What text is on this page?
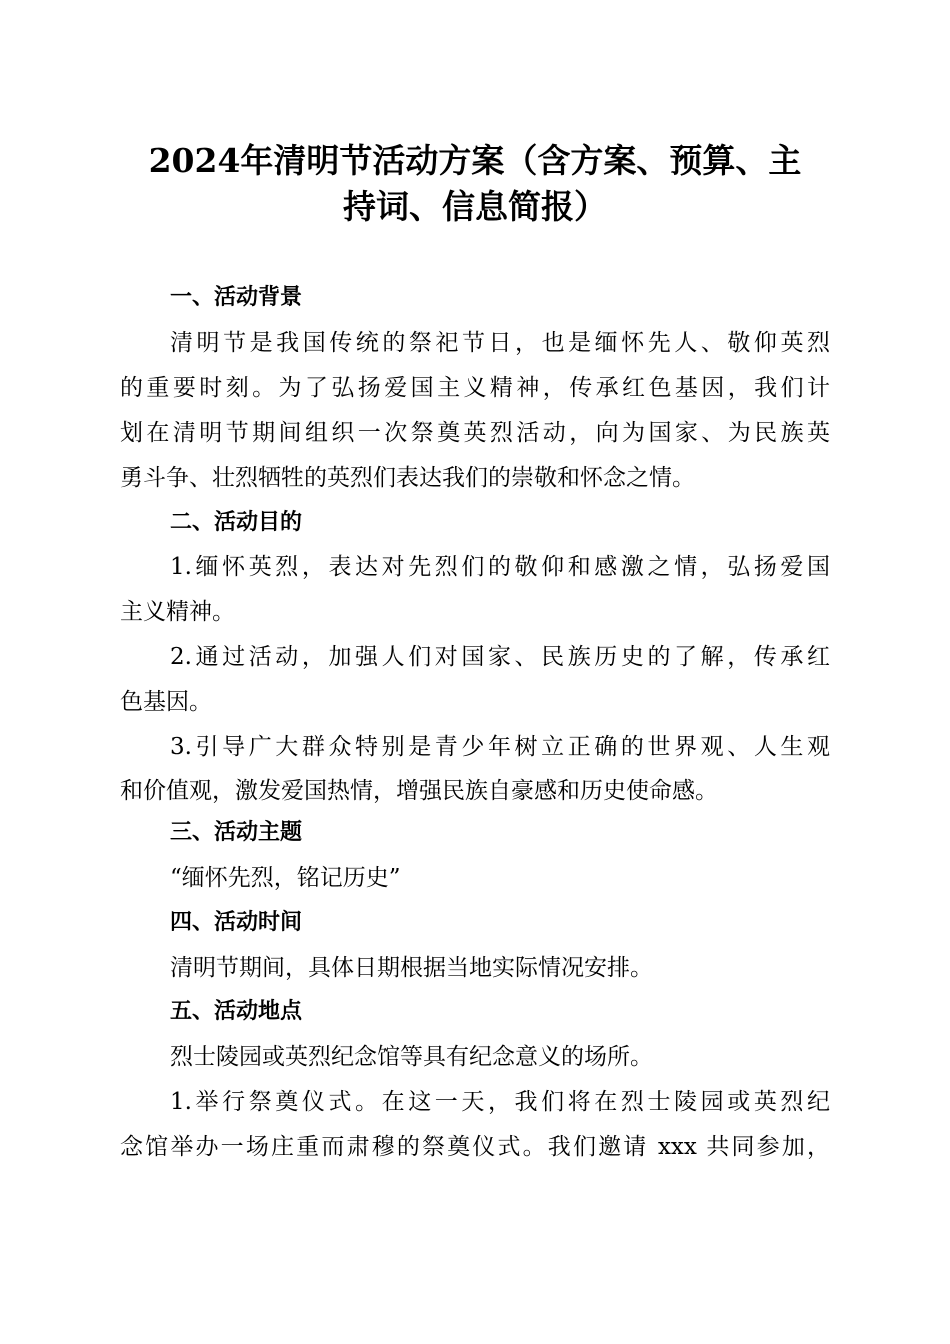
2024年清明节活动方案（含方案、预算、主
持词、信息简报）
一、活动背景

清明节是我国传统的祭祀节日，也是缅怀先人、敬仰英烈

的重要时刻。为了弘扬爱国主义精神，传承红色基因，我们计

划在清明节期间组织一次祭奠英烈活动，向为国家、为民族英

勇斗争、壮烈牺牲的英烈们表达我们的崇敬和怀念之情。

二、活动目的

1.缅怀英烈，表达对先烈们的敬仰和感激之情，弘扬爱国

主义精神。

2.通过活动，加强人们对国家、民族历史的了解，传承红

色基因。

3.引导广大群众特别是青少年树立正确的世界观、人生观

和价值观，激发爱国热情，增强民族自豪感和历史使命感。

三、活动主题

“缅怀先烈，铭记历史”

四、活动时间

清明节期间，具体日期根据当地实际情况安排。

五、活动地点

烈士陵园或英烈纪念馆等具有纪念意义的场所。

1.举行祭奠仪式。在这一天，我们将在烈士陵园或英烈纪

念馆举办一场庄重而肃穆的祭奠仪式。我们邀请 xxx 共同参加，
